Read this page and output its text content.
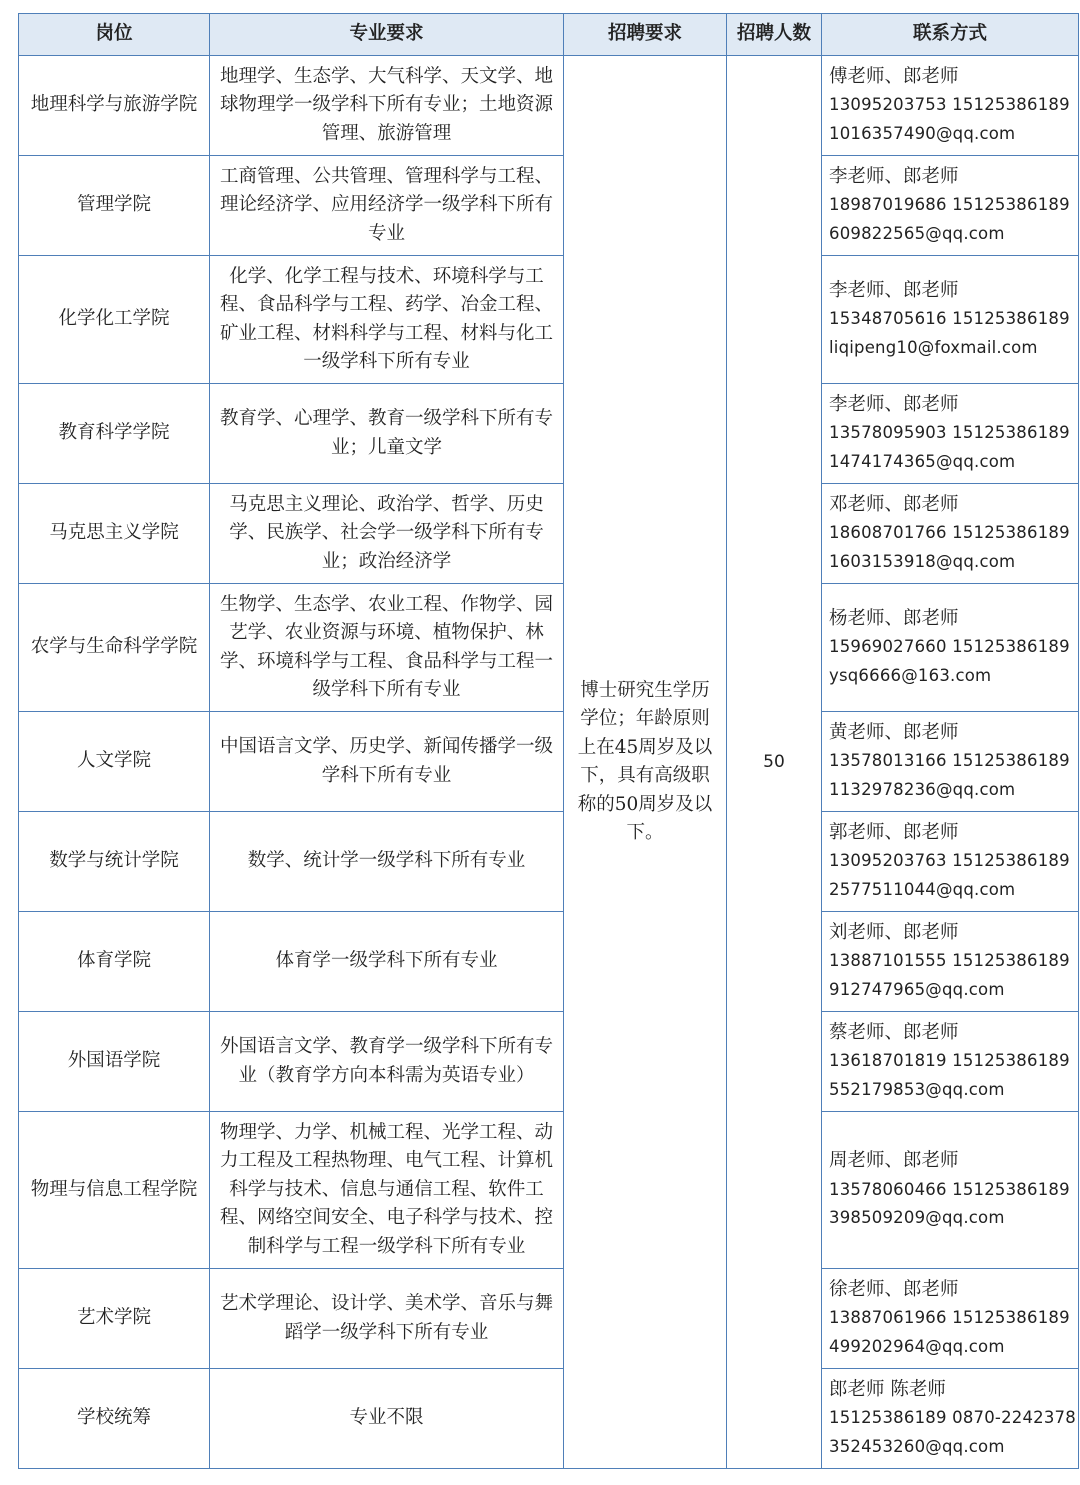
岗位	专业要求	招聘要求	招聘人数	联系方式
地理科学与旅游学院	地理学、生态学、大气科学、天文学、地球物理学一级学科下所有专业；土地资源管理、旅游管理	博士研究生学历学位；年龄原则上在45周岁及以下，具有高级职称的50周岁及以下。	50	傅老师、郎老师
13095203753 15125386189
1016357490@qq.com

管理学院	工商管理、公共管理、管理科学与工程、理论经济学、应用经济学一级学科下所有专业			李老师、郎老师
18987019686 15125386189
609822565@qq.com

化学化工学院	化学、化学工程与技术、环境科学与工程、食品科学与工程、药学、冶金工程、矿业工程、材料科学与工程、材料与化工一级学科下所有专业			李老师、郎老师
15348705616 15125386189
liqipeng10@foxmail.com

教育科学学院	教育学、心理学、教育一级学科下所有专业；儿童文学			李老师、郎老师
13578095903 15125386189
1474174365@qq.com

马克思主义学院	马克思主义理论、政治学、哲学、历史学、民族学、社会学一级学科下所有专业；政治经济学			邓老师、郎老师
18608701766 15125386189
1603153918@qq.com

农学与生命科学学院	生物学、生态学、农业工程、作物学、园艺学、农业资源与环境、植物保护、林学、环境科学与工程、食品科学与工程一级学科下所有专业			杨老师、郎老师
15969027660 15125386189
ysq6666@163.com

人文学院	中国语言文学、历史学、新闻传播学一级学科下所有专业			黄老师、郎老师
13578013166 15125386189
1132978236@qq.com

数学与统计学院	数学、统计学一级学科下所有专业			郭老师、郎老师
13095203763 15125386189
2577511044@qq.com

体育学院	体育学一级学科下所有专业			刘老师、郎老师
13887101555 15125386189
912747965@qq.com

外国语学院	外国语言文学、教育学一级学科下所有专业（教育学方向本科需为英语专业）			蔡老师、郎老师
13618701819 15125386189
552179853@qq.com

物理与信息工程学院	物理学、力学、机械工程、光学工程、动力工程及工程热物理、电气工程、计算机科学与技术、信息与通信工程、软件工程、网络空间安全、电子科学与技术、控制科学与工程一级学科下所有专业			周老师、郎老师
13578060466 15125386189
398509209@qq.com

艺术学院	艺术学理论、设计学、美术学、音乐与舞蹈学一级学科下所有专业			徐老师、郎老师
13887061966 15125386189
499202964@qq.com

学校统筹	专业不限			郎老师 陈老师
15125386189 0870-2242378
352453260@qq.com
